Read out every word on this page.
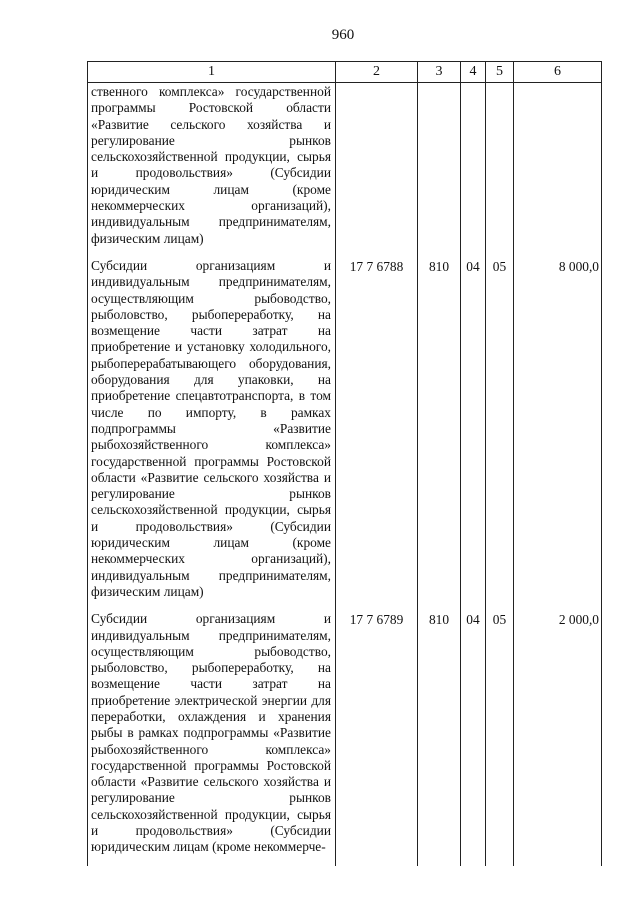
960
1	2	3	4	5	6
ственного комплекса» государственной программы Ростовской области «Развитие сельского хозяйства и регулирование рынков сельскохозяйственной продукции, сырья и продовольствия» (Субсидии юридическим лицам (кроме некоммерческих организаций), индивидуальным предпринимателям, физическим лицам)					
Субсидии организациям и индивидуальным предпринимателям, осуществляющим рыбоводство, рыболовство, рыбопереработку, на возмещение части затрат на приобретение и установку холодильного, рыбоперерабатывающего оборудования, оборудования для упаковки, на приобретение спецавтотранспорта, в том числе по импорту, в рамках подпрограммы «Развитие рыбохозяйственного комплекса» государственной программы Ростовской области «Развитие сельского хозяйства и регулирование рынков сельскохозяйственной продукции, сырья и продовольствия» (Субсидии юридическим лицам (кроме некоммерческих организаций), индивидуальным предпринимателям, физическим лицам)	17 7 6788	810	04	05	8 000,0
Субсидии организациям и индивидуальным предпринимателям, осуществляющим рыбоводство, рыболовство, рыбопереработку, на возмещение части затрат на приобретение электрической энергии для переработки, охлаждения и хранения рыбы в рамках подпрограммы «Развитие рыбохозяйственного комплекса» государственной программы Ростовской области «Развитие сельского хозяйства и регулирование рынков сельскохозяйственной продукции, сырья и продовольствия» (Субсидии юридическим лицам (кроме некоммерче-	17 7 6789	810	04	05	2 000,0
